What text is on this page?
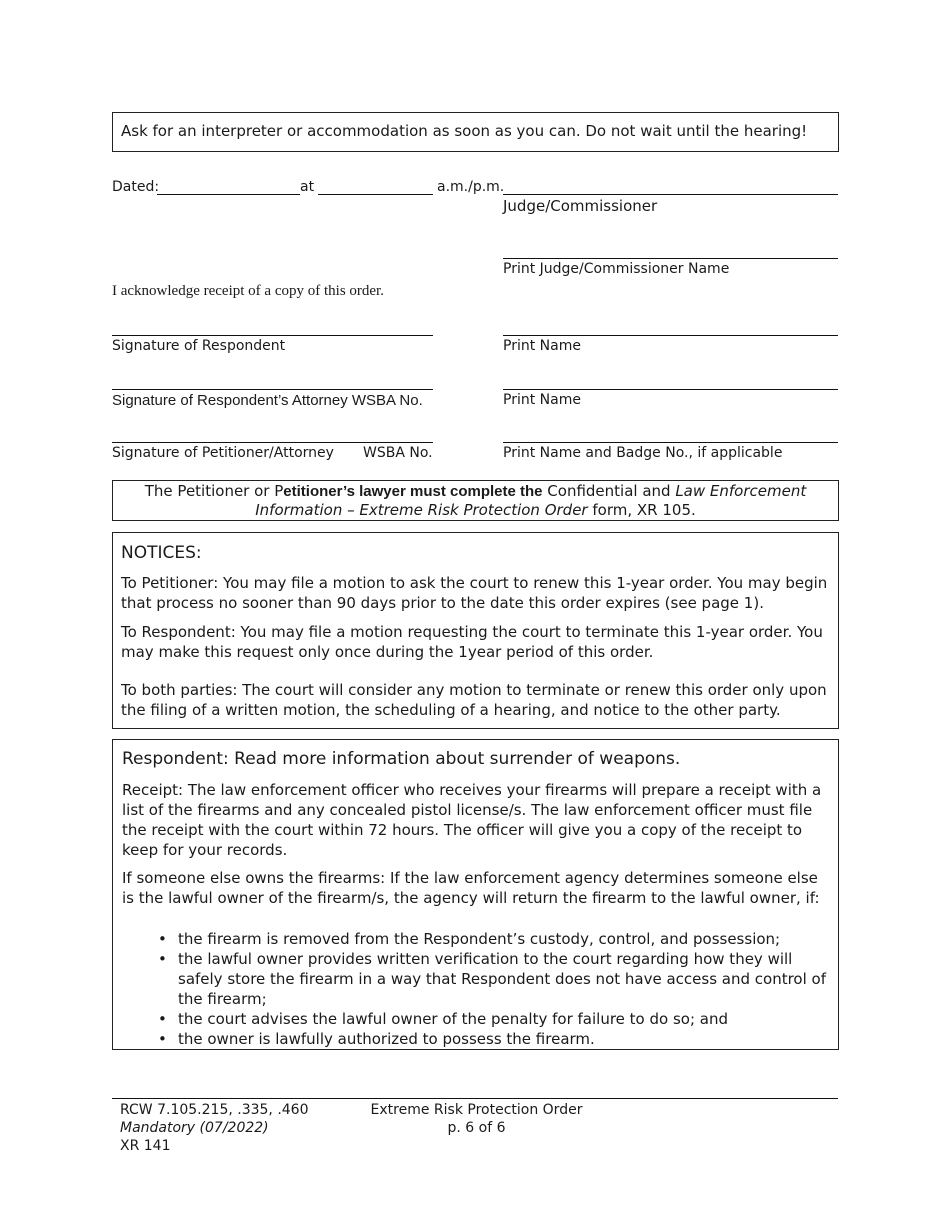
Ask for an interpreter or accommodation as soon as you can. Do not wait until the hearing!
Dated:	at	a.m./p.m.
Judge/Commissioner
Print Judge/Commissioner Name
I acknowledge receipt of a copy of this order.
Signature of Respondent	Print Name
Signature of Respondent’s Attorney WSBA No.	Print Name
Signature of Petitioner/Attorney WSBA No.	Print Name and Badge No., if applicable
The Petitioner or Petitioner’s lawyer must complete the Confidential and Law Enforcement Information – Extreme Risk Protection Order form, XR 105.
NOTICES:

To Petitioner: You may file a motion to ask the court to renew this 1-year order. You may begin that process no sooner than 90 days prior to the date this order expires (see page 1).

To Respondent: You may file a motion requesting the court to terminate this 1-year order. You may make this request only once during the 1year period of this order.

To both parties: The court will consider any motion to terminate or renew this order only upon the filing of a written motion, the scheduling of a hearing, and notice to the other party.

Respondent: Read more information about surrender of weapons.

Receipt: The law enforcement officer who receives your firearms will prepare a receipt with a list of the firearms and any concealed pistol license/s. The law enforcement officer must file the receipt with the court within 72 hours. The officer will give you a copy of the receipt to keep for your records.

If someone else owns the firearms: If the law enforcement agency determines someone else is the lawful owner of the firearm/s, the agency will return the firearm to the lawful owner, if:

• the firearm is removed from the Respondent’s custody, control, and possession;
• the lawful owner provides written verification to the court regarding how they will safely store the firearm in a way that Respondent does not have access and control of the firearm;
• the court advises the lawful owner of the penalty for failure to do so; and
• the owner is lawfully authorized to possess the firearm.
RCW 7.105.215, .335, .460
Mandatory (07/2022)
XR 141
Extreme Risk Protection Order
p. 6 of 6
